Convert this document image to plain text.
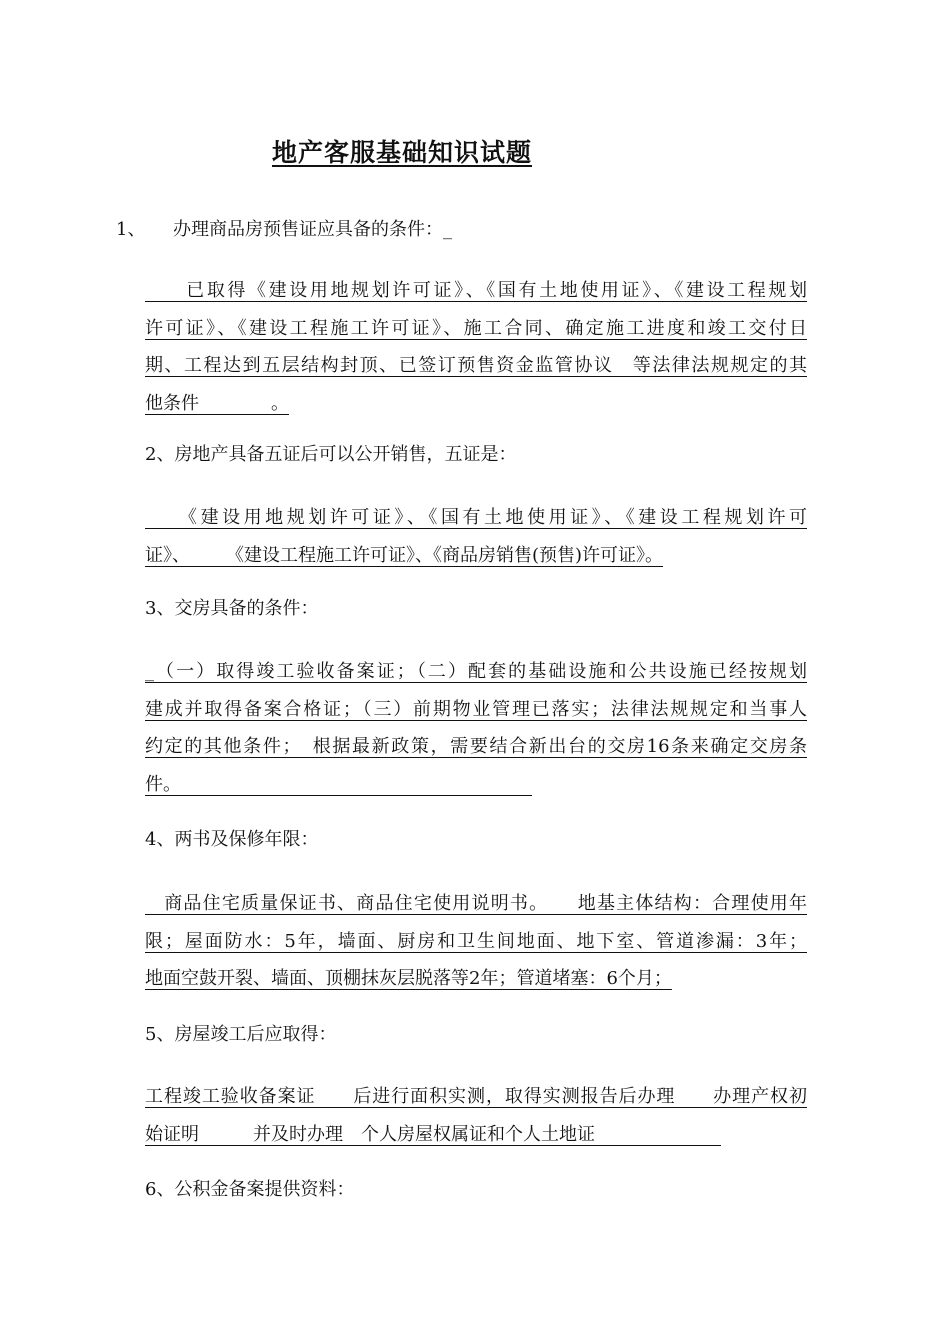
地产客服基础知识试题
1、 办理商品房预售证应具备的条件：_
　　已取得《建设用地规划许可证》、《国有土地使用证》、《建设工程规划
许可证》、《建设工程施工许可证》、施工合同、确定施工进度和竣工交付日
期、工程达到五层结构封顶、已签订预售资金监管协议　等法律法规规定的其
他条件　　　　。
2、房地产具备五证后可以公开销售，五证是：
　　《建设用地规划许可证》、《国有土地使用证》、《建设工程规划许可
证》、　　　《建设工程施工许可证》、《商品房销售(预售)许可证》。
3、交房具备的条件：
_（一）取得竣工验收备案证；（二）配套的基础设施和公共设施已经按规划
建成并取得备案合格证；（三）前期物业管理已落实；法律法规规定和当事人
约定的其他条件；　根据最新政策，需要结合新出台的交房16条来确定交房条
件。　　　　　　　　　　　　　　　　　　　　
4、两书及保修年限：
　商品住宅质量保证书、商品住宅使用说明书。　　地基主体结构：合理使用年
限；屋面防水：5年，墙面、厨房和卫生间地面、地下室、管道渗漏：3年；
地面空鼓开裂、墙面、顶棚抹灰层脱落等2年；管道堵塞：6个月；
5、房屋竣工后应取得：
工程竣工验收备案证　　后进行面积实测，取得实测报告后办理　　办理产权初
始证明　　　并及时办理　个人房屋权属证和个人土地证　　　　　　　
6、公积金备案提供资料：
